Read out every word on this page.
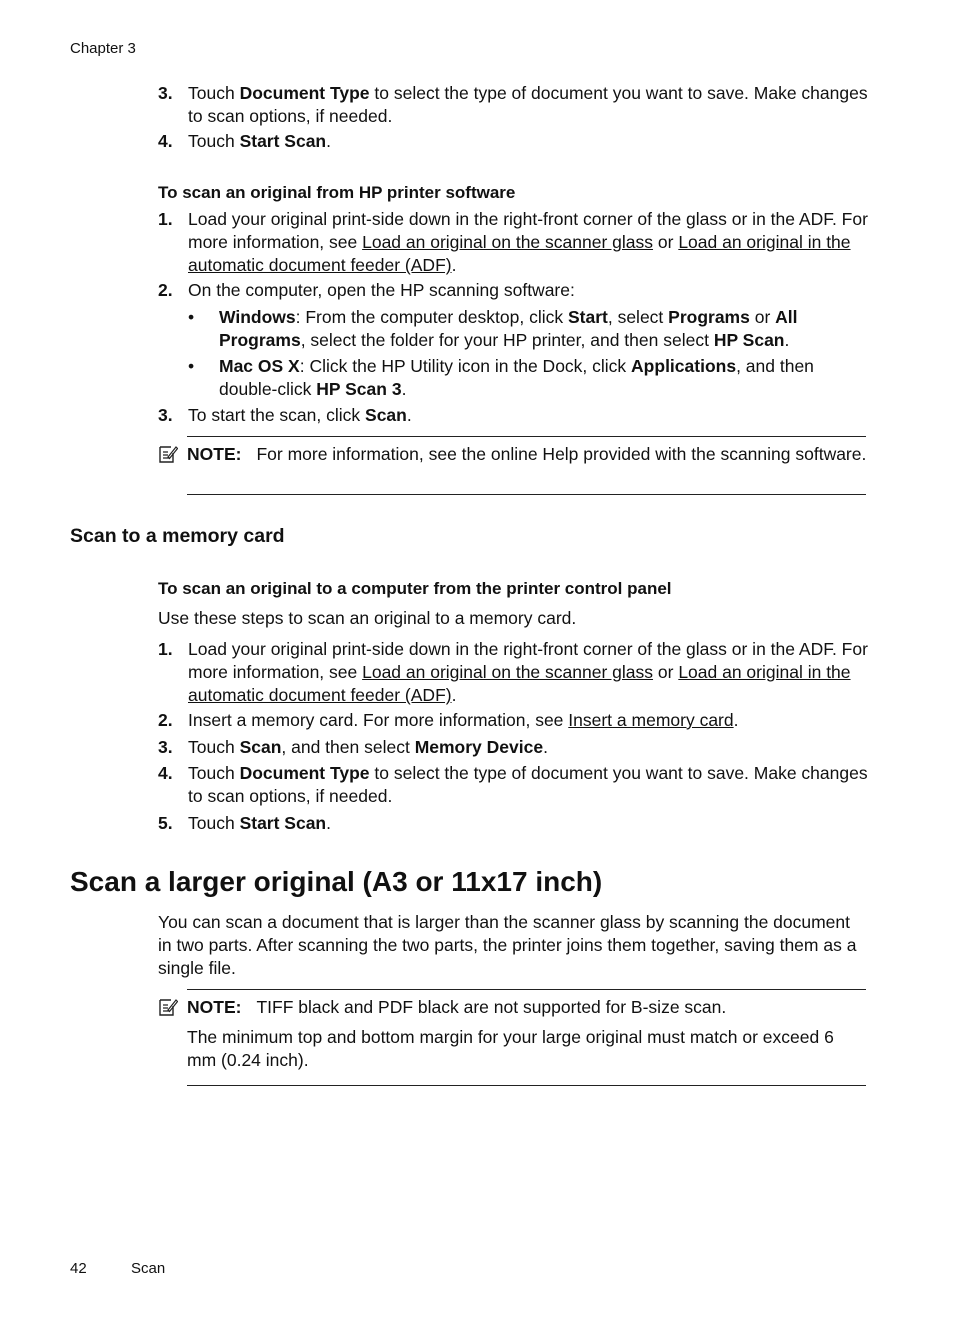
Chapter 3
3. Touch Document Type to select the type of document you want to save. Make changes to scan options, if needed.
4. Touch Start Scan.
To scan an original from HP printer software
1. Load your original print-side down in the right-front corner of the glass or in the ADF. For more information, see Load an original on the scanner glass or Load an original in the automatic document feeder (ADF).
2. On the computer, open the HP scanning software:
• Windows: From the computer desktop, click Start, select Programs or All Programs, select the folder for your HP printer, and then select HP Scan.
• Mac OS X: Click the HP Utility icon in the Dock, click Applications, and then double-click HP Scan 3.
3. To start the scan, click Scan.
NOTE: For more information, see the online Help provided with the scanning software.
Scan to a memory card
To scan an original to a computer from the printer control panel
Use these steps to scan an original to a memory card.
1. Load your original print-side down in the right-front corner of the glass or in the ADF. For more information, see Load an original on the scanner glass or Load an original in the automatic document feeder (ADF).
2. Insert a memory card. For more information, see Insert a memory card.
3. Touch Scan, and then select Memory Device.
4. Touch Document Type to select the type of document you want to save. Make changes to scan options, if needed.
5. Touch Start Scan.
Scan a larger original (A3 or 11x17 inch)
You can scan a document that is larger than the scanner glass by scanning the document in two parts. After scanning the two parts, the printer joins them together, saving them as a single file.
NOTE: TIFF black and PDF black are not supported for B-size scan.
The minimum top and bottom margin for your large original must match or exceed 6 mm (0.24 inch).
42	Scan
